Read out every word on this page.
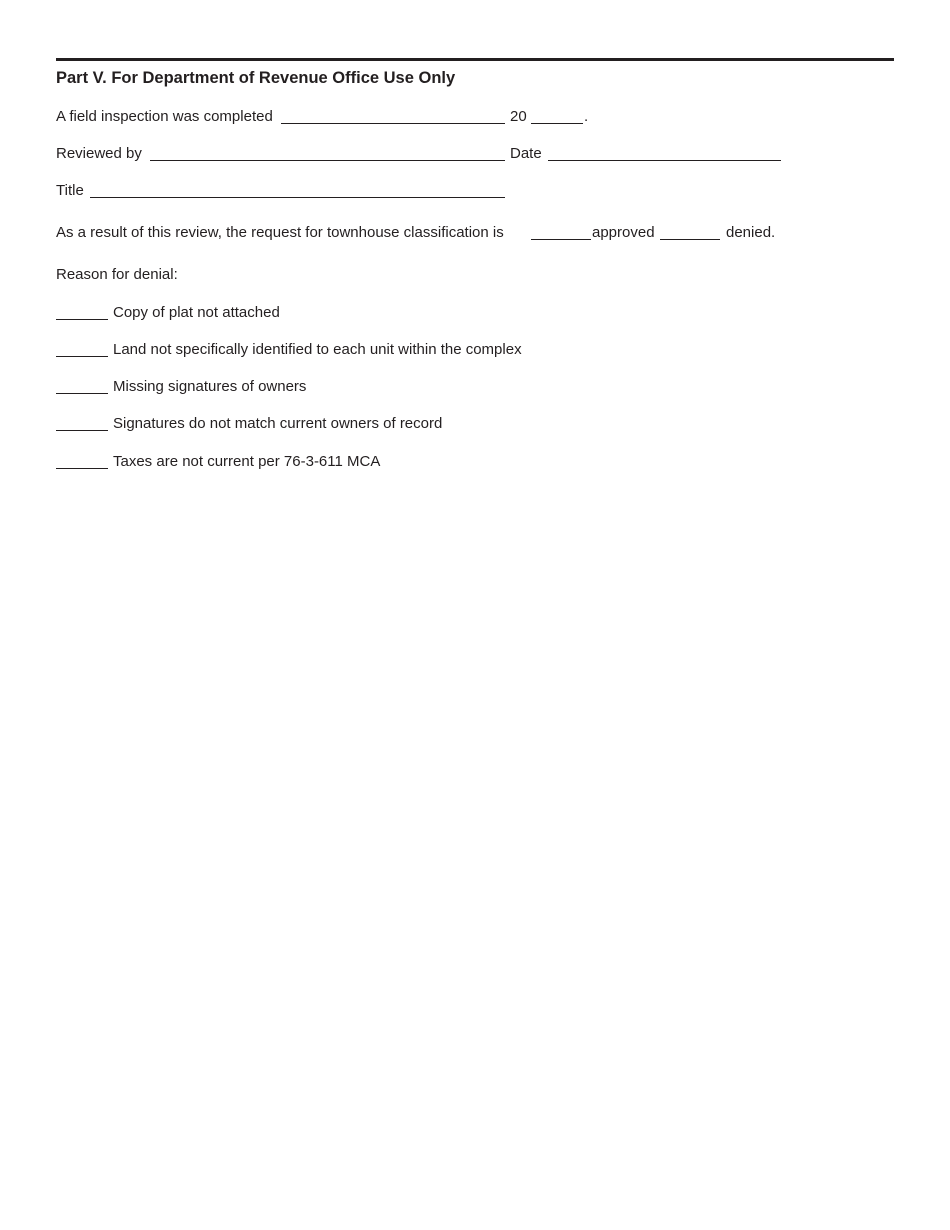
Part V. For Department of Revenue Office Use Only
A field inspection was completed	20	.
Reviewed by	Date
Title
As a result of this review, the request for townhouse classification is	approved	denied.
Reason for denial:
Copy of plat not attached
Land not specifically identified to each unit within the complex
Missing signatures of owners
Signatures do not match current owners of record
Taxes are not current per 76-3-611 MCA
